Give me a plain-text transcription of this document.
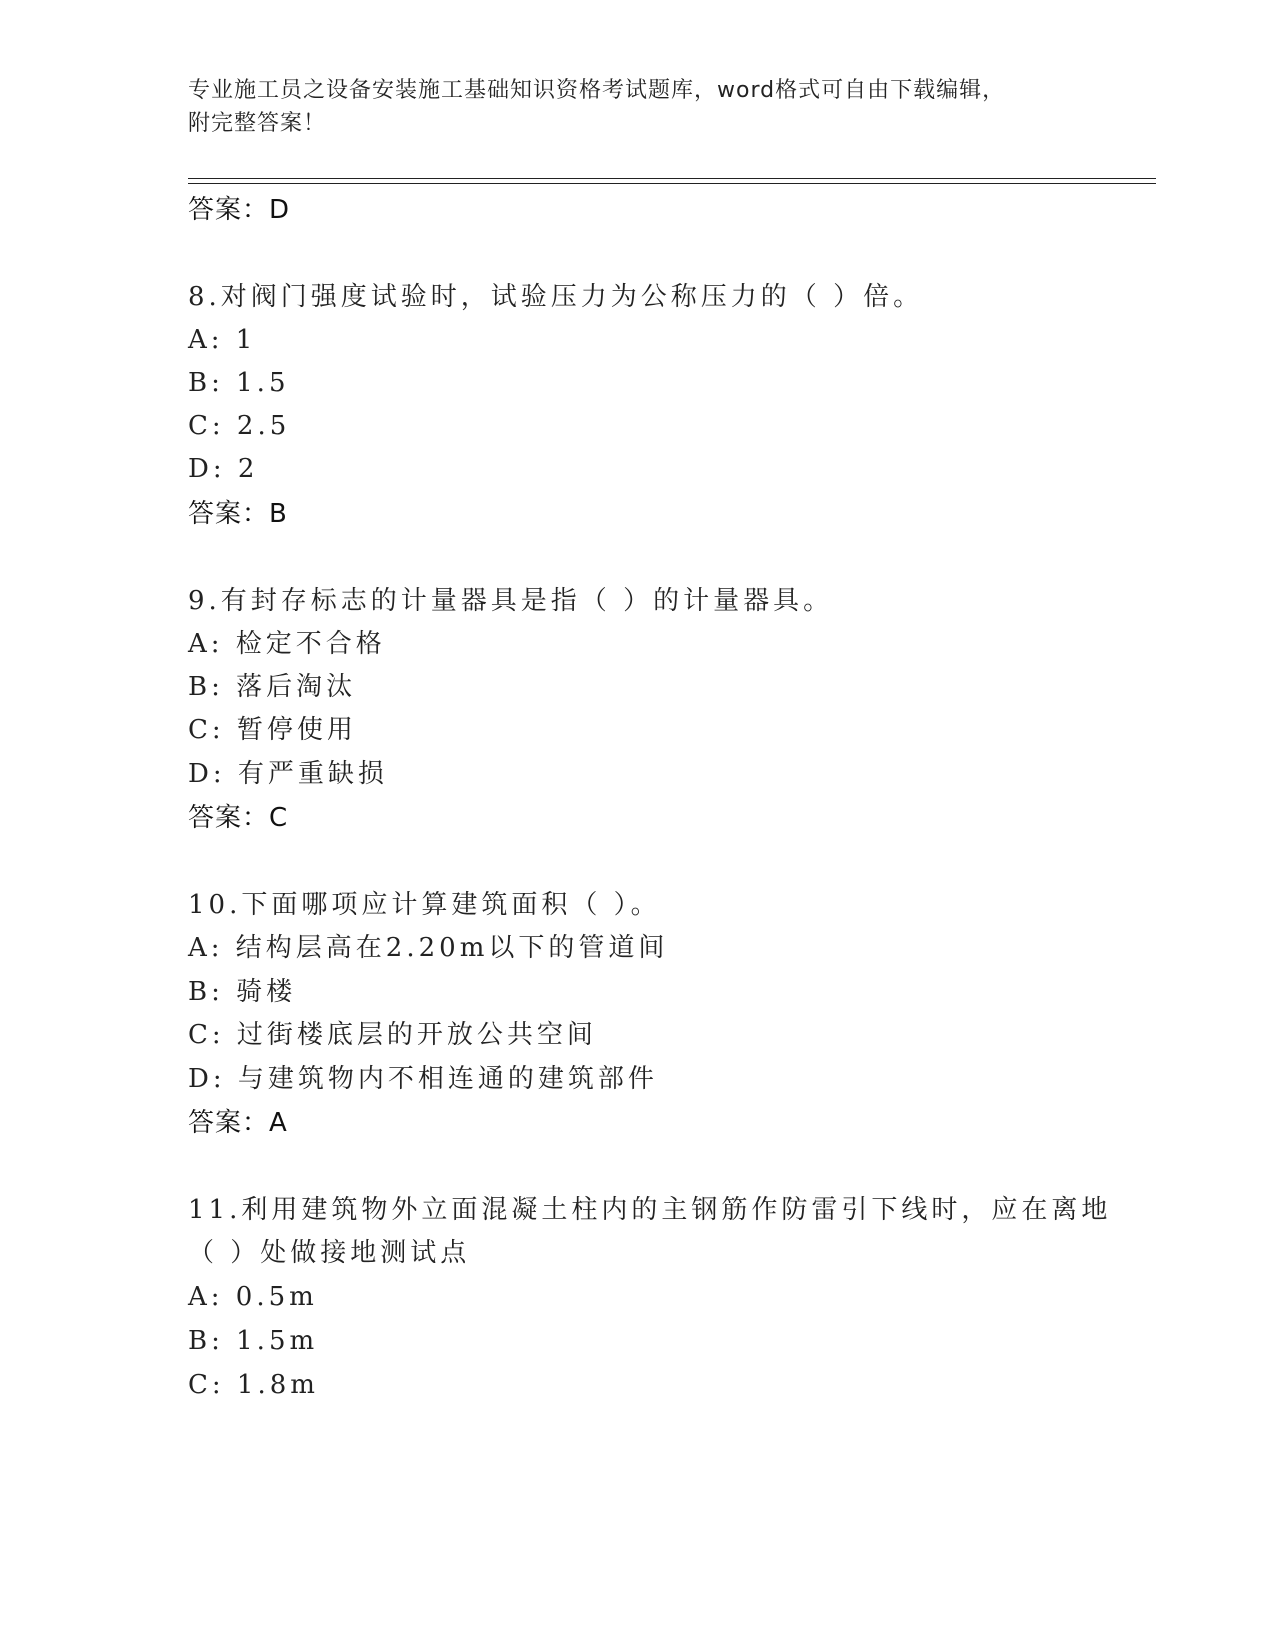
专业施工员之设备安装施工基础知识资格考试题库，word格式可自由下载编辑，
附完整答案！
答案：D
8.对阀门强度试验时，试验压力为公称压力的（ ）倍。
A: 1
B: 1.5
C: 2.5
D: 2
答案：B
9.有封存标志的计量器具是指（ ）的计量器具。
A: 检定不合格
B: 落后淘汰
C: 暂停使用
D: 有严重缺损
答案：C
10.下面哪项应计算建筑面积（ ）。
A: 结构层高在2.20m以下的管道间
B: 骑楼
C: 过街楼底层的开放公共空间
D: 与建筑物内不相连通的建筑部件
答案：A
11.利用建筑物外立面混凝土柱内的主钢筋作防雷引下线时，应在离地
（ ）处做接地测试点
A: 0.5m
B: 1.5m
C: 1.8m
